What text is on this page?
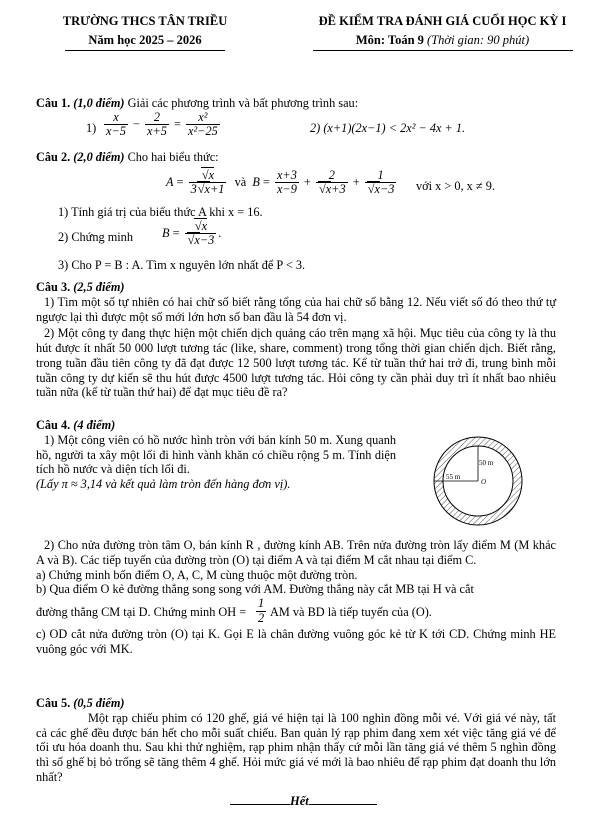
TRƯỜNG THCS TÂN TRIỀU
Năm học 2025 – 2026
ĐỀ KIỂM TRA ĐÁNH GIÁ CUỐI HỌC KỲ I
Môn: Toán 9 (Thời gian: 90 phút)
Câu 1. (1,0 điểm) Giải các phương trình và bất phương trình sau:
$1) \frac{x}{x-5} - \frac{2}{x+5} = \frac{\text{x²}}{\text{x²−25}}$	2) (x+1)(2x−1) < 2x² − 4x + 1.
Câu 2. (2,0 điểm) Cho hai biểu thức:
A = √ $\frac{x}{3 √ x+1}$ và  $B = \frac{x+3}{x-9} + 2$
√ x+3 + 1
√ x−3 với x > 0, x ≠ 9.
1) Tính giá trị của biểu thức A khi x = 16.
2) Chứng minh B = √ x
√ x−3 .
3) Cho P = B : A. Tìm x nguyên lớn nhất để P < 3.
Câu 3. (2,5 điểm)
1) Tìm một số tự nhiên có hai chữ số biết rằng tổng của hai chữ số bằng 12. Nếu viết số đó theo thứ tự ngược lại thì được một số mới lớn hơn số ban đầu là 54 đơn vị.
2) Một công ty đang thực hiện một chiến dịch quảng cáo trên mạng xã hội. Mục tiêu của công ty là thu hút được ít nhất 50 000 lượt tương tác (like, share, comment) trong tổng thời gian chiến dịch. Biết rằng, trong tuần đầu tiên công ty đã đạt được 12 500 lượt tương tác. Kể từ tuần thứ hai trở đi, trung bình mỗi tuần công ty dự kiến sẽ thu hút được 4500 lượt tương tác. Hỏi công ty cần phải duy trì ít nhất bao nhiêu tuần nữa (kể từ tuần thứ hai) để đạt mục tiêu đề ra?
Câu 4. (4 điểm)
1) Một công viên có hồ nước hình tròn với bán kính 50 m. Xung quanh hồ, người ta xây một lối đi hình vành khăn có chiều rộng 5 m. Tính diện tích hồ nước và diện tích lối đi.
(Lấy π ≈ 3,14 và kết quả làm tròn đến hàng đơn vị).
50 m
55 m
O
2) Cho nửa đường tròn tâm O, bán kính R , đường kính AB. Trên nửa đường tròn lấy điểm M (M khác A và B). Các tiếp tuyến của đường tròn (O) tại điểm A và tại điểm M cắt nhau tại điểm C.
a) Chứng minh bốn điểm O, A, C, M cùng thuộc một đường tròn.
b) Qua điểm O kẻ đường thẳng song song với AM. Đường thẳng này cắt MB tại H và cắt
đường thẳng CM tại D. Chứng minh OH = $\frac{1}{2}$ AM và BD là tiếp tuyến của (O).
c) OD cắt nửa đường tròn (O) tại K. Gọi E là chân đường vuông góc kẻ từ K tới CD. Chứng minh HE vuông góc với MK.
Câu 5. (0,5 điểm)
Một rạp chiếu phim có 120 ghế, giá vé hiện tại là 100 nghìn đồng mỗi vé. Với giá vé này, tất cả các ghế đều được bán hết cho mỗi suất chiếu. Ban quản lý rạp phim đang xem xét việc tăng giá vé để tối ưu hóa doanh thu. Sau khi thử nghiệm, rạp phim nhận thấy cứ mỗi lần tăng giá vé thêm 5 nghìn đồng thì số ghế bị bỏ trống sẽ tăng thêm 4 ghế. Hỏi mức giá vé mới là bao nhiêu để rạp phim đạt doanh thu lớn nhất?
Hết
